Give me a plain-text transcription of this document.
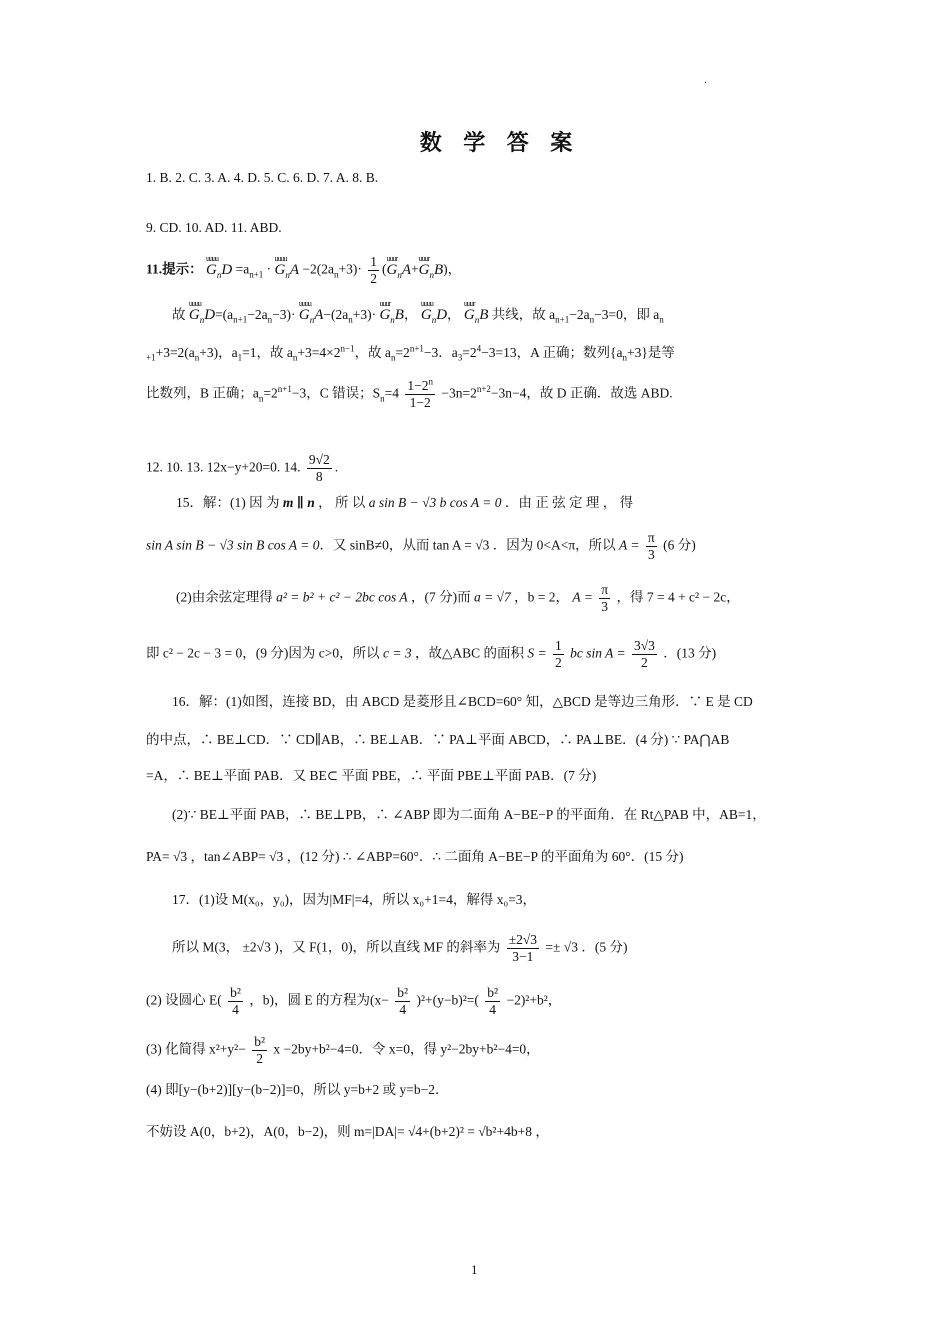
.
数 学 答 案
1. B. 2. C. 3. A. 4. D. 5. C. 6. D. 7. A. 8. B.
9. CD. 10. AD. 11. ABD.
11.提示： uuuu $G_nD =a_{n+1}$ · uuuu $G_nA -2(2a_n+3)\cdot \frac{1}{2}$ (uuur $G_nA+uuur$ $G_nB$)，
故 uuuu $G_nD=(a_{n+1}-2a_n-3)\cdot$ uuuu $G_nA-(2a_n+3)\cdot$ uuur $G_nB$， uuuu $G_nD$， uuur $G_nB$ 共线，故 $a_{n+1}-2a_n-3=0$，即 $a_n$
$_{+1}+3=2(a_n+3)$，$a_1=1$，故 $a_n+3=4\times 2^{n-1}$，故 $a_n=2^{n+1}-3$．$a_3=2^4-3=13$，A 正确；数列$\{a_n+3\}$是等
比数列，B 正确；$a_n=2^{n+1}-3$，C 错误；$S_n=4 \frac{1-2^n}{1-2} -3n=2^{n+2}-3n-4$，故 D 正确．故选 ABD.
12. 10. 13. 12x−y+20=0. 14. $\frac{9√2}{8}$ .
15．解：(1) 因 为 m ∥ n ， 所 以 a sin B − √3 b cos A = 0 ．由 正 弦 定 理 ， 得
sin A sin B − √3 sin B cos A = 0．又 sinB≠0，从而 tan A = √3 ．因为 0<A<π，所以 $A = \frac{\pi}{3} (6$ 分)
(2)由余弦定理得 a² = b² + c² − 2bc cos A ，(7 分)而 a = √7 ，b = 2， $A = \frac{\pi}{3}$ ，得 7 = 4 + c² − 2c，
即 c² − 2c − 3 = 0，(9 分)因为 c>0，所以 c = 3 ，故△ABC 的面积 $S = \frac{1}{2}$ bc $\sin A = \frac{3√3}{2}$ ．(13 分)
16．解：(1)如图，连接 BD，由 ABCD 是菱形且∠BCD=60° 知，△BCD 是等边三角形．∵ E 是 CD
的中点，∴ BE⊥CD．∵ CD∥AB，∴ BE⊥AB．∵ PA⊥平面 ABCD，∴ PA⊥BE．(4 分) ∵ PA⋂AB
=A，∴ BE⊥平面 PAB．又 BE⊂ 平面 PBE，∴ 平面 PBE⊥平面 PAB．(7 分)
(2)∵ BE⊥平面 PAB，∴ BE⊥PB，∴ ∠ABP 即为二面角 A−BE−P 的平面角．在 Rt△PAB 中，AB=1，
PA= √3 ，tan∠ABP= √3 ，(12 分) ∴ ∠ABP=60°．∴ 二面角 A−BE−P 的平面角为 60°．(15 分)
17．(1)设 M(x₀，y₀)，因为|MF|=4，所以 x₀+1=4，解得 x₀=3，
所以 M(3， ±2√3 )，又 F(1，0)，所以直线 MF 的斜率为 $\frac{\pm 2√3}{3-1} =\pm √3$ ．(5 分)
(2) 设圆心 $E( \frac{\text{b²}}{4}$ ，b)，圆 E 的方程为$(x- \frac{\text{b²}}{4} )^2+(y-b)^2=( \frac{\text{b²}}{4} -2)^2+b^2$，
(3) 化简得 $x^2+y^2- \frac{\text{b²}}{2}$ x −2by+b²−4=0．令 x=0，得 y²−2by+b²−4=0，
(4) 即[y−(b+2)][y−(b−2)]=0，所以 y=b+2 或 y=b−2．
不妨设 A(0，b+2)，A(0，b−2)，则 m=|DA|= √4+(b+2)² = √b²+4b+8 ，
1
